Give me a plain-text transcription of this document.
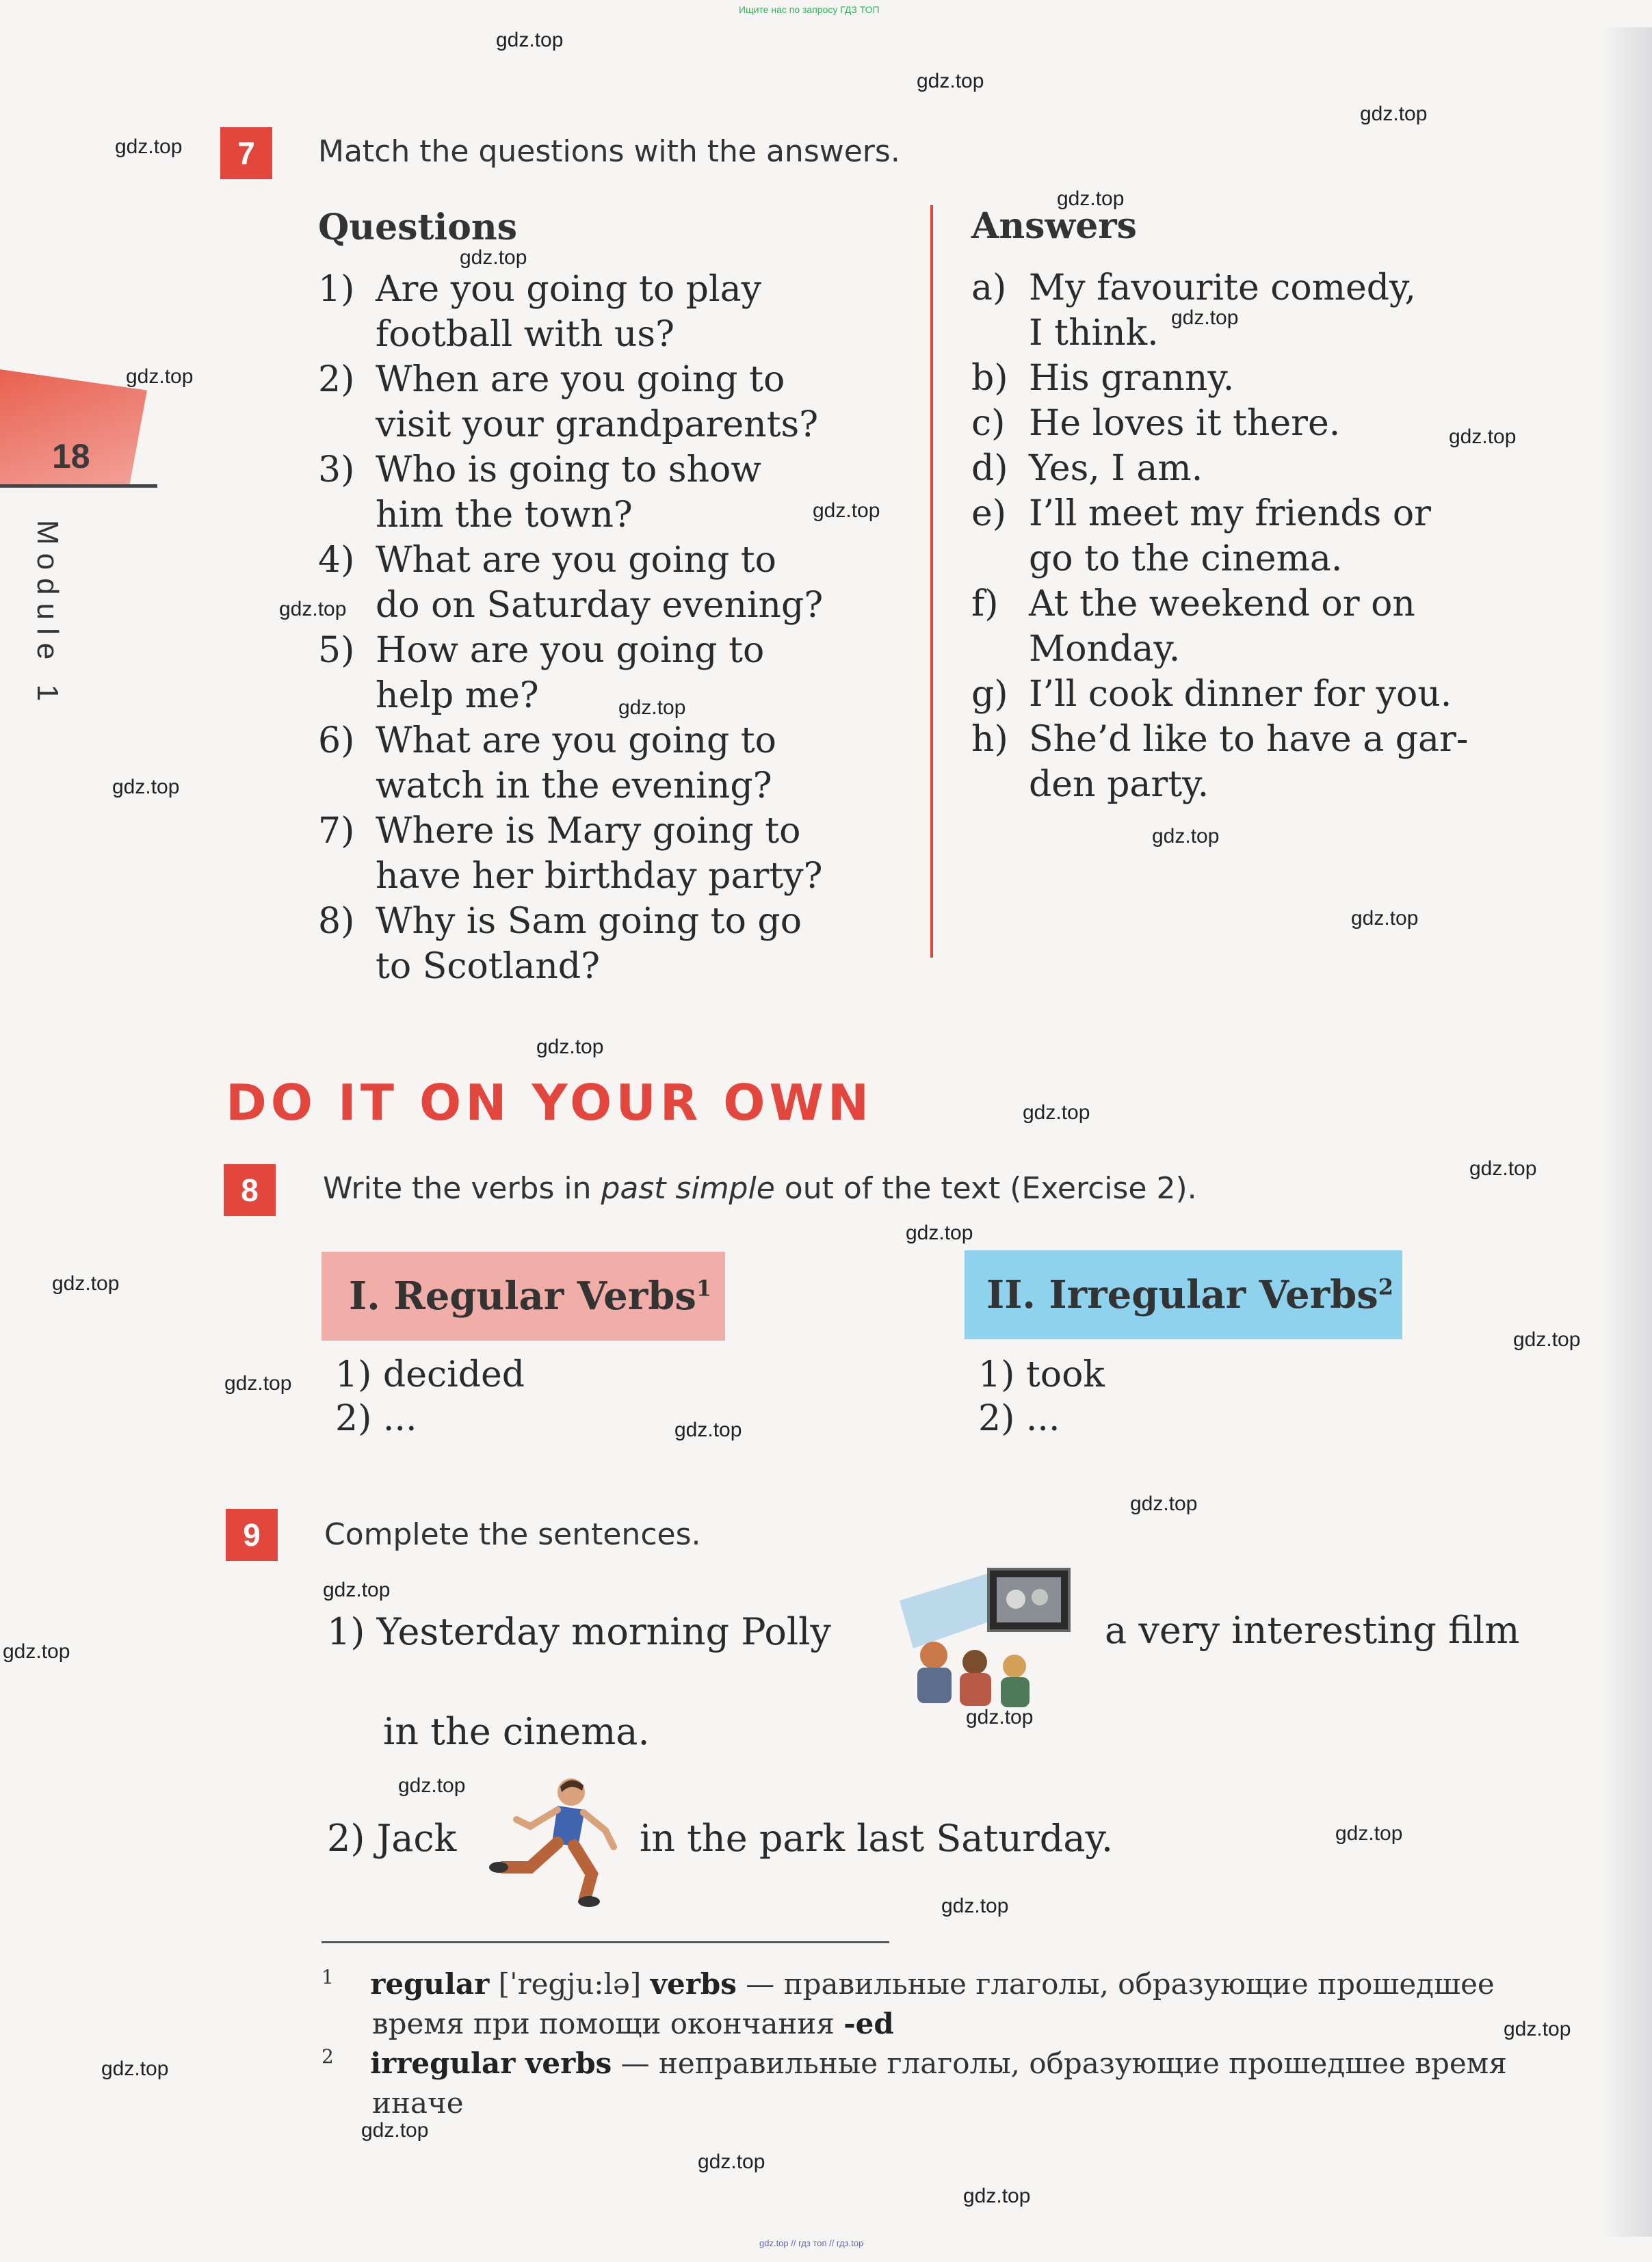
Ищите нас по запросу ГДЗ ТОП
18
Module 1
7	Match the questions with the answers.
Questions	Answers
1) Are you going to play
football with us?
2) When are you going to
visit your grandparents?
3) Who is going to show
him the town?
4) What are you going to
do on Saturday evening?
5) How are you going to
help me?
6) What are you going to
watch in the evening?
7) Where is Mary going to
have her birthday party?
8) Why is Sam going to go
to Scotland?
a) My favourite comedy,
I think.
b) His granny.
c) He loves it there.
d) Yes, I am.
e) I’ll meet my friends or
go to the cinema.
f) At the weekend or on
Monday.
g) I’ll cook dinner for you.
h) She’d like to have a gar-
den party.
DO IT ON YOUR OWN
8	Write the verbs in past simple out of the text (Exercise 2).
I. Regular Verbs$^1$	II. Irregular Verbs$^2$
1) decided
2) ...
1) took
2) ...
9	Complete the sentences.
1) Yesterday morning Polly	a very interesting film
in the cinema.
2) Jack	in the park last Saturday.
$^1$ regular [ˈregju:lə] verbs — правильные глаголы, образующие прошедшее
время при помощи окончания -ed
$^2$ irregular verbs — неправильные глаголы, образующие прошедшее время
иначе
gdz.top
gdz.top
gdz.top
gdz.top
gdz.top
gdz.top
gdz.top
gdz.top
gdz.top
gdz.top
gdz.top
gdz.top
gdz.top
gdz.top
gdz.top
gdz.top
gdz.top
gdz.top
gdz.top
gdz.top
gdz.top
gdz.top
gdz.top
gdz.top
gdz.top
gdz.top
gdz.top
gdz.top
gdz.top
gdz.top
gdz.top
gdz.top
gdz.top
gdz.top
gdz.top
gdz.top // гдз топ // гдз.top
